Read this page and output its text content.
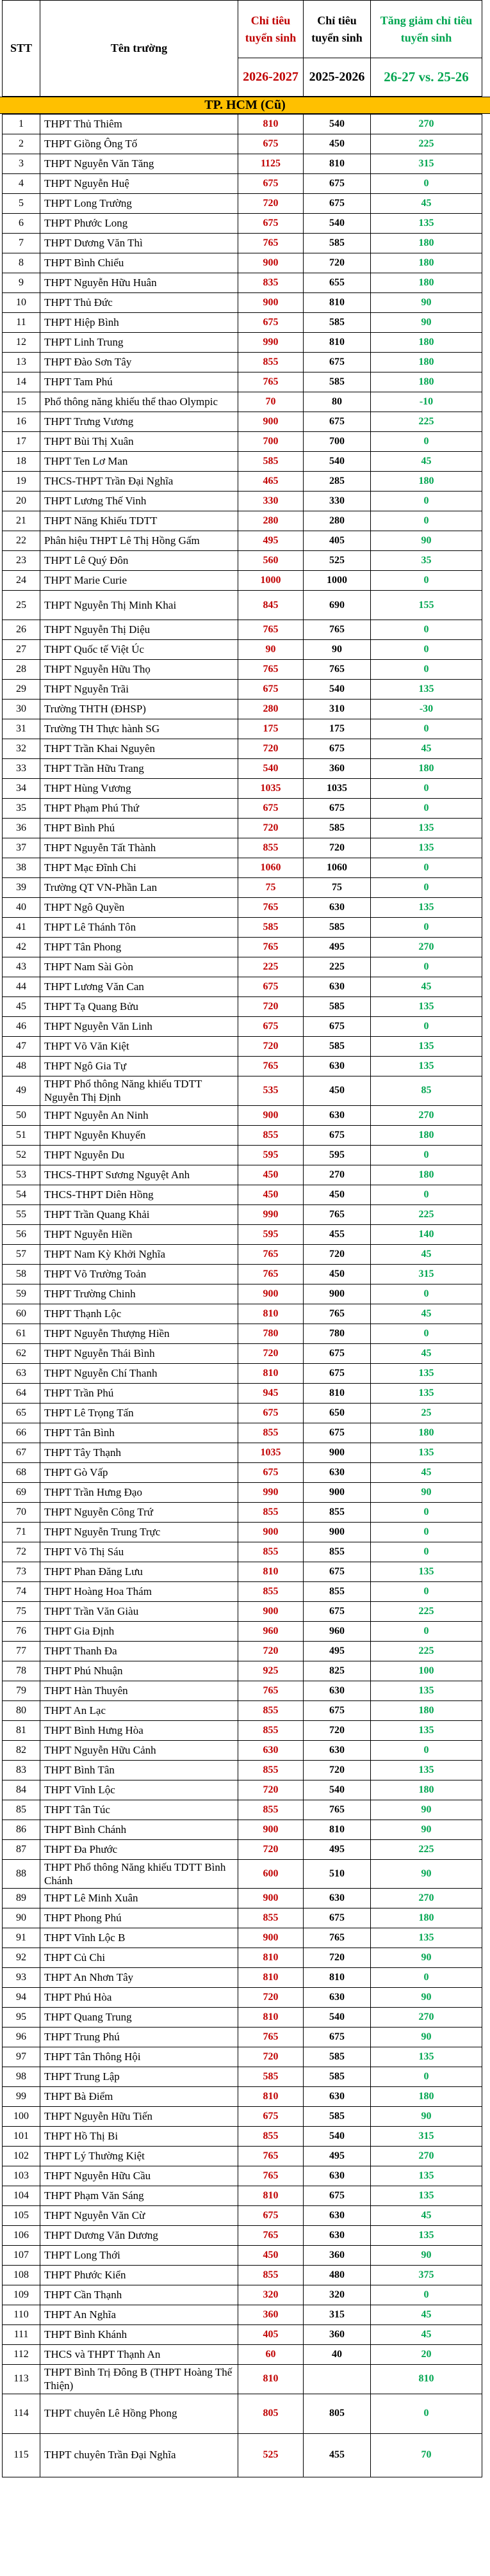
STT	Tên trường	Chỉ tiêu tuyển sinh	Chỉ tiêu tuyển sinh	Tăng giảm chỉ tiêu tuyển sinh
		2026-2027	2025-2026	26-27 vs. 25-26
TP. HCM (Cũ)
1	THPT Thủ Thiêm	810	540	270
2	THPT Giồng Ông Tố	675	450	225
3	THPT Nguyễn Văn Tăng	1125	810	315
4	THPT Nguyễn Huệ	675	675	0
5	THPT Long Trường	720	675	45
6	THPT Phước Long	675	540	135
7	THPT Dương Văn Thì	765	585	180
8	THPT Bình Chiểu	900	720	180
9	THPT Nguyễn Hữu Huân	835	655	180
10	THPT Thủ Đức	900	810	90
11	THPT Hiệp Bình	675	585	90
12	THPT Linh Trung	990	810	180
13	THPT Đào Sơn Tây	855	675	180
14	THPT Tam Phú	765	585	180
15	Phổ thông năng khiếu thể thao Olympic	70	80	-10
16	THPT Trưng Vương	900	675	225
17	THPT Bùi Thị Xuân	700	700	0
18	THPT Ten Lơ Man	585	540	45
19	THCS-THPT Trần Đại Nghĩa	465	285	180
20	THPT Lương Thế Vinh	330	330	0
21	THPT Năng Khiếu TDTT	280	280	0
22	Phân hiệu THPT Lê Thị Hồng Gấm	495	405	90
23	THPT Lê Quý Đôn	560	525	35
24	THPT Marie Curie	1000	1000	0
25	THPT Nguyễn Thị Minh Khai	845	690	155
26	THPT Nguyễn Thị Diệu	765	765	0
27	THPT Quốc tế Việt Úc	90	90	0
28	THPT Nguyễn Hữu Thọ	765	765	0
29	THPT Nguyễn Trãi	675	540	135
30	Trường THTH (ĐHSP)	280	310	-30
31	Trường TH Thực hành SG	175	175	0
32	THPT Trần Khai Nguyên	720	675	45
33	THPT Trần Hữu Trang	540	360	180
34	THPT Hùng Vương	1035	1035	0
35	THPT Phạm Phú Thứ	675	675	0
36	THPT Bình Phú	720	585	135
37	THPT Nguyễn Tất Thành	855	720	135
38	THPT Mạc Đĩnh Chi	1060	1060	0
39	Trường QT VN-Phần Lan	75	75	0
40	THPT Ngô Quyền	765	630	135
41	THPT Lê Thánh Tôn	585	585	0
42	THPT Tân Phong	765	495	270
43	THPT Nam Sài Gòn	225	225	0
44	THPT Lương Văn Can	675	630	45
45	THPT Tạ Quang Bửu	720	585	135
46	THPT Nguyễn Văn Linh	675	675	0
47	THPT Võ Văn Kiệt	720	585	135
48	THPT Ngô Gia Tự	765	630	135
49	THPT Phổ thông Năng khiếu TDTT Nguyễn Thị Định	535	450	85
50	THPT Nguyễn An Ninh	900	630	270
51	THPT Nguyễn Khuyến	855	675	180
52	THPT Nguyễn Du	595	595	0
53	THCS-THPT Sương Nguyệt Anh	450	270	180
54	THCS-THPT Diên Hồng	450	450	0
55	THPT Trần Quang Khải	990	765	225
56	THPT Nguyễn Hiền	595	455	140
57	THPT Nam Kỳ Khởi Nghĩa	765	720	45
58	THPT Võ Trường Toản	765	450	315
59	THPT Trường Chinh	900	900	0
60	THPT Thạnh Lộc	810	765	45
61	THPT Nguyễn Thượng Hiền	780	780	0
62	THPT Nguyễn Thái Bình	720	675	45
63	THPT Nguyễn Chí Thanh	810	675	135
64	THPT Trần Phú	945	810	135
65	THPT Lê Trọng Tấn	675	650	25
66	THPT Tân Bình	855	675	180
67	THPT Tây Thạnh	1035	900	135
68	THPT Gò Vấp	675	630	45
69	THPT Trần Hưng Đạo	990	900	90
70	THPT Nguyễn Công Trứ	855	855	0
71	THPT Nguyễn Trung Trực	900	900	0
72	THPT Võ Thị Sáu	855	855	0
73	THPT Phan Đăng Lưu	810	675	135
74	THPT Hoàng Hoa Thám	855	855	0
75	THPT Trần Văn Giàu	900	675	225
76	THPT Gia Định	960	960	0
77	THPT Thanh Đa	720	495	225
78	THPT Phú Nhuận	925	825	100
79	THPT Hàn Thuyên	765	630	135
80	THPT An Lạc	855	675	180
81	THPT Bình Hưng Hòa	855	720	135
82	THPT Nguyễn Hữu Cảnh	630	630	0
83	THPT Bình Tân	855	720	135
84	THPT Vĩnh Lộc	720	540	180
85	THPT Tân Túc	855	765	90
86	THPT Bình Chánh	900	810	90
87	THPT Đa Phước	720	495	225
88	THPT Phổ thông Năng khiếu TDTT Bình Chánh	600	510	90
89	THPT Lê Minh Xuân	900	630	270
90	THPT Phong Phú	855	675	180
91	THPT Vĩnh Lộc B	900	765	135
92	THPT Củ Chi	810	720	90
93	THPT An Nhơn Tây	810	810	0
94	THPT Phú Hòa	720	630	90
95	THPT Quang Trung	810	540	270
96	THPT Trung Phú	765	675	90
97	THPT Tân Thông Hội	720	585	135
98	THPT Trung Lập	585	585	0
99	THPT Bà Điểm	810	630	180
100	THPT Nguyễn Hữu Tiến	675	585	90
101	THPT Hồ Thị Bi	855	540	315
102	THPT Lý Thường Kiệt	765	495	270
103	THPT Nguyễn Hữu Cầu	765	630	135
104	THPT Phạm Văn Sáng	810	675	135
105	THPT Nguyễn Văn Cừ	675	630	45
106	THPT Dương Văn Dương	765	630	135
107	THPT Long Thới	450	360	90
108	THPT Phước Kiển	855	480	375
109	THPT Cần Thạnh	320	320	0
110	THPT An Nghĩa	360	315	45
111	THPT Bình Khánh	405	360	45
112	THCS và THPT Thạnh An	60	40	20
113	THPT Bình Trị Đông B (THPT Hoàng Thế Thiện)	810		810
114	THPT chuyên Lê Hồng Phong	805	805	0
115	THPT chuyên Trần Đại Nghĩa	525	455	70
